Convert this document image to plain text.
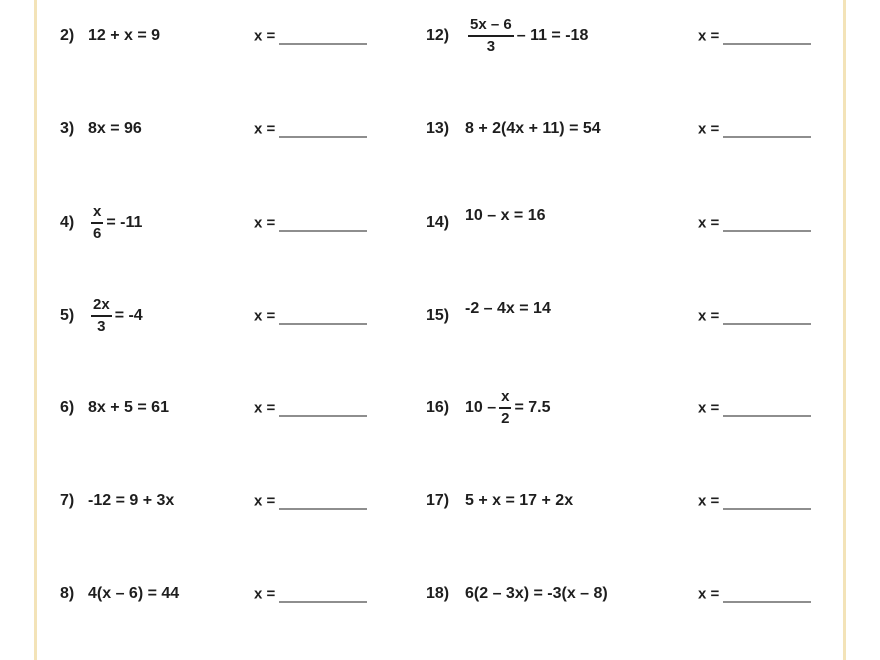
2) 12 + x = 9	x =
3) 8x = 96	x =
$4) \frac{x}{6} = -11$	x =
$5) \frac{2x}{3} = -4$	x =
6) 8x + 5 = 61	x =
7) -12 = 9 + 3x	x =
8) 4(x – 6) = 44	x =
$12) \frac{5x - 6}{3} - 11 = -18$	x =
13) 8 + 2(4x + 11) = 54	x =
14) 10 – x = 16	x =
15) -2 – 4x = 14	x =
16) $10 - \frac{x}{2} = 7.5$	x =
17) 5 + x = 17 + 2x	x =
18) 6(2 – 3x) = -3(x – 8)	x =
